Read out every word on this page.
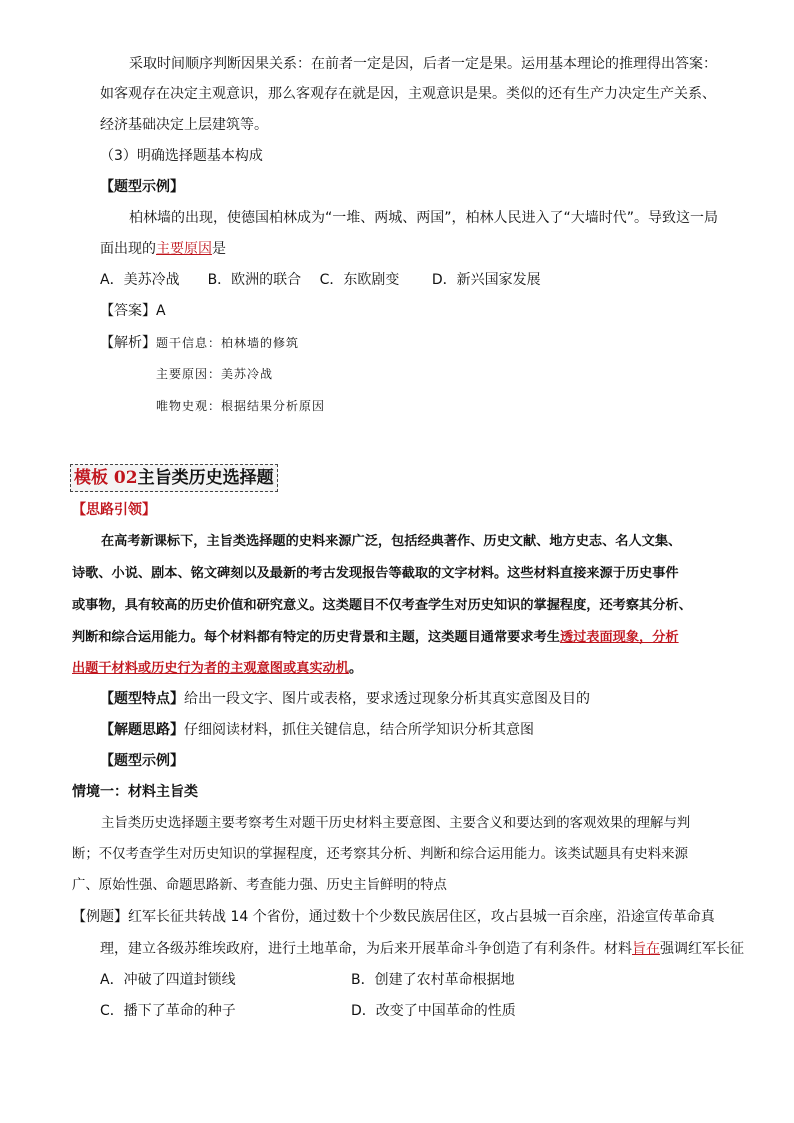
采取时间顺序判断因果关系：在前者一定是因，后者一定是果。运用基本理论的推理得出答案：
如客观存在决定主观意识，那么客观存在就是因，主观意识是果。类似的还有生产力决定生产关系、
经济基础决定上层建筑等。
（3）明确选择题基本构成
【题型示例】
柏林墙的出现，使德国柏林成为“一堆、两城、两国”，柏林人民进入了“大墙时代”。导致这一局
面出现的主要原因是
A．美苏冷战　　B．欧洲的联合　 C．东欧剧变　　 D．新兴国家发展
【答案】A
【解析】题干信息：柏林墙的修筑
主要原因：美苏冷战
唯物史观：根据结果分析原因
模板 02主旨类历史选择题
【思路引领】
在高考新课标下，主旨类选择题的史料来源广泛，包括经典著作、历史文献、地方史志、名人文集、
诗歌、小说、剧本、铭文碑刻以及最新的考古发现报告等截取的文字材料。这些材料直接来源于历史事件
或事物，具有较高的历史价值和研究意义。这类题目不仅考查学生对历史知识的掌握程度，还考察其分析、
判断和综合运用能力。每个材料都有特定的历史背景和主题，这类题目通常要求考生透过表面现象，分析
出题干材料或历史行为者的主观意图或真实动机。
【题型特点】给出一段文字、图片或表格，要求透过现象分析其真实意图及目的
【解题思路】仔细阅读材料，抓住关键信息，结合所学知识分析其意图
【题型示例】
情境一：材料主旨类
主旨类历史选择题主要考察考生对题干历史材料主要意图、主要含义和要达到的客观效果的理解与判
断；不仅考查学生对历史知识的掌握程度，还考察其分析、判断和综合运用能力。该类试题具有史料来源
广、原始性强、命题思路新、考查能力强、历史主旨鲜明的特点
【例题】红军长征共转战 14 个省份，通过数十个少数民族居住区，攻占县城一百余座，沿途宣传革命真
理，建立各级苏维埃政府，进行土地革命，为后来开展革命斗争创造了有利条件。材料旨在强调红军长征
A．冲破了四道封锁线	B．创建了农村革命根据地
C．播下了革命的种子	D．改变了中国革命的性质
